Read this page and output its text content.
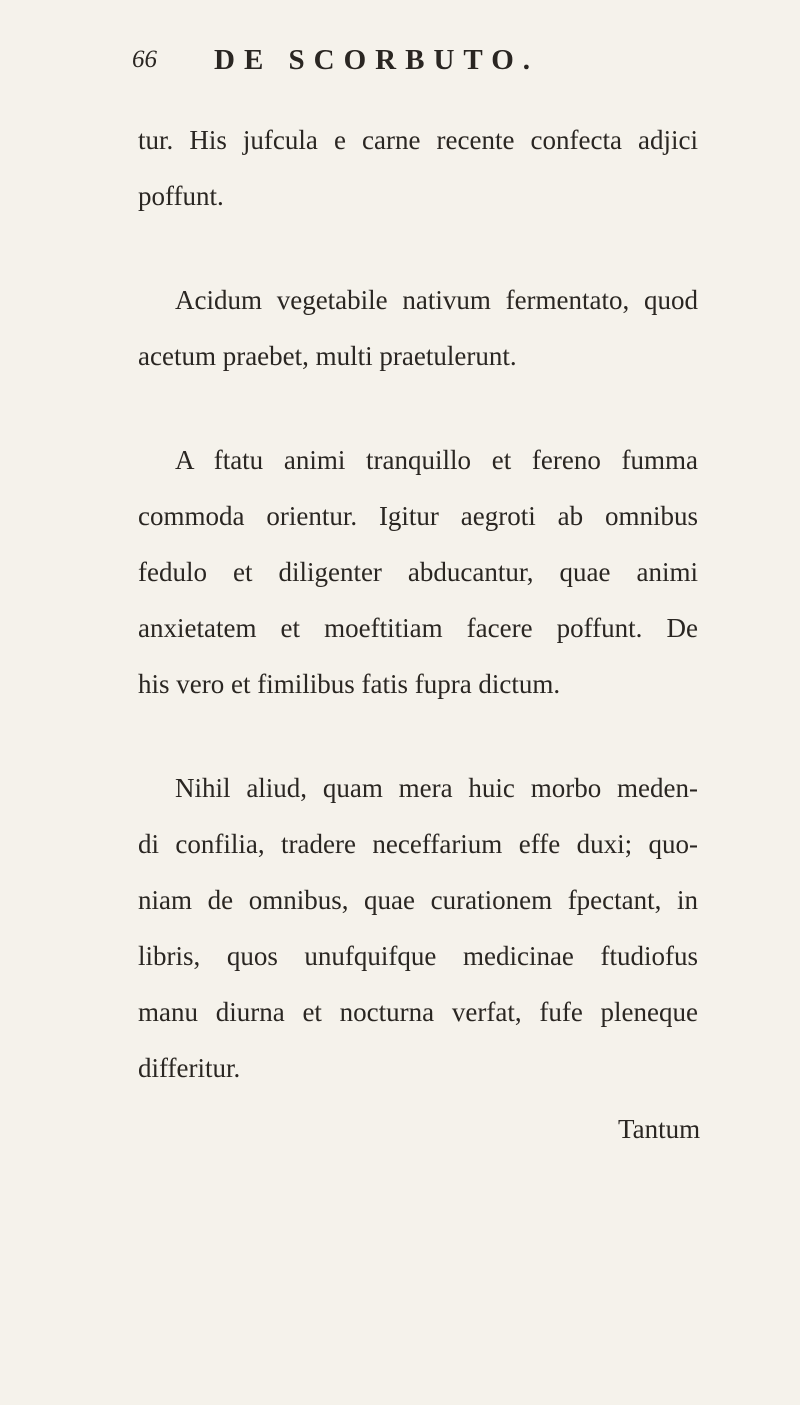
66 DE SCORBUTO.
tur. His jufcula e carne recente confecta adjici
poffunt.
Acidum vegetabile nativum fermentato, quod
acetum praebet, multi praetulerunt.
A ftatu animi tranquillo et fereno fumma
commoda orientur. Igitur aegroti ab omnibus
fedulo et diligenter abducantur, quae animi
anxietatem et moeftitiam facere poffunt. De
his vero et fimilibus fatis fupra dictum.
Nihil aliud, quam mera huic morbo meden-
di confilia, tradere neceffarium effe duxi; quo-
niam de omnibus, quae curationem fpectant, in
libris, quos unufquifque medicinae ftudiofus
manu diurna et nocturna verfat, fufe pleneque
differitur.
Tantum
